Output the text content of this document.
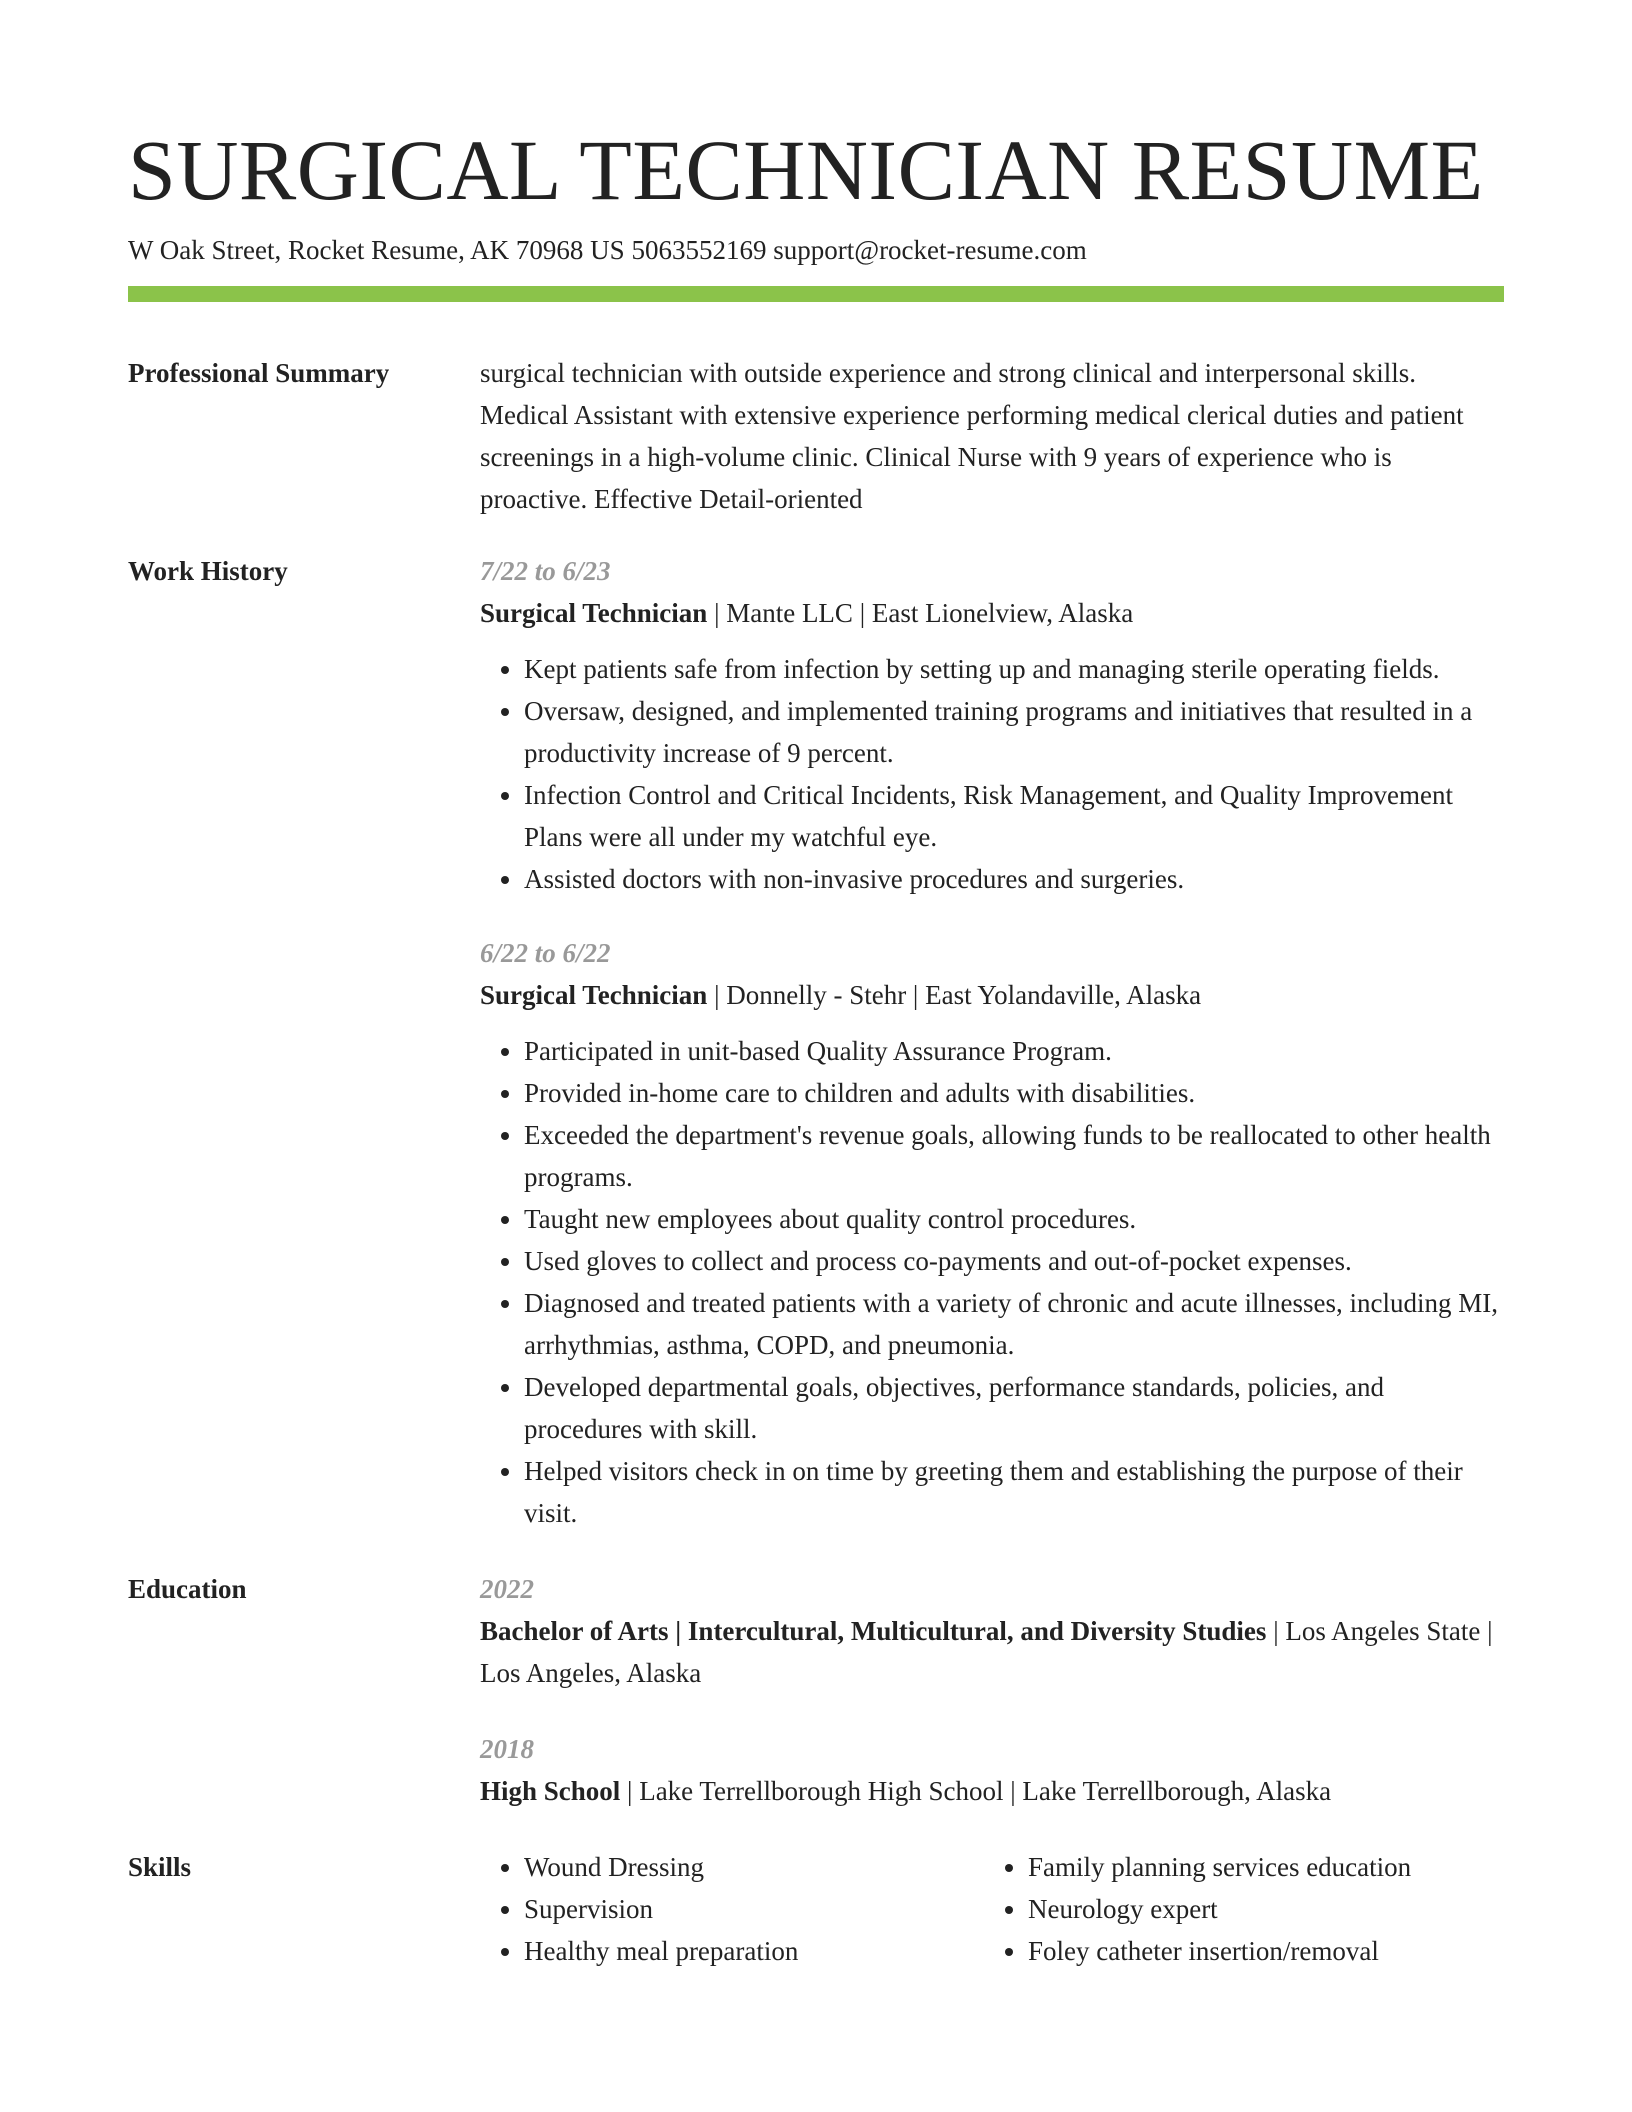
SURGICAL TECHNICIAN RESUME
W Oak Street, Rocket Resume, AK 70968 US 5063552169 support@rocket-resume.com
Professional Summary	surgical technician with outside experience and strong clinical and interpersonal skills. Medical Assistant with extensive experience performing medical clerical duties and patient screenings in a high-volume clinic. Clinical Nurse with 9 years of experience who is proactive. Effective Detail-oriented
Work History	7/22 to 6/23
Surgical Technician | Mante LLC | East Lionelview, Alaska
• Kept patients safe from infection by setting up and managing sterile operating fields.
• Oversaw, designed, and implemented training programs and initiatives that resulted in a productivity increase of 9 percent.
• Infection Control and Critical Incidents, Risk Management, and Quality Improvement Plans were all under my watchful eye.
• Assisted doctors with non-invasive procedures and surgeries.
6/22 to 6/22
Surgical Technician | Donnelly - Stehr | East Yolandaville, Alaska
• Participated in unit-based Quality Assurance Program.
• Provided in-home care to children and adults with disabilities.
• Exceeded the department's revenue goals, allowing funds to be reallocated to other health programs.
• Taught new employees about quality control procedures.
• Used gloves to collect and process co-payments and out-of-pocket expenses.
• Diagnosed and treated patients with a variety of chronic and acute illnesses, including MI, arrhythmias, asthma, COPD, and pneumonia.
• Developed departmental goals, objectives, performance standards, policies, and procedures with skill.
• Helped visitors check in on time by greeting them and establishing the purpose of their visit.
Education	2022
Bachelor of Arts | Intercultural, Multicultural, and Diversity Studies | Los Angeles State | Los Angeles, Alaska
2018
High School | Lake Terrellborough High School | Lake Terrellborough, Alaska
Skills
•	Wound Dressing
• Supervision
• Healthy meal preparation
• Family planning services education
• Neurology expert
• Foley catheter insertion/removal
